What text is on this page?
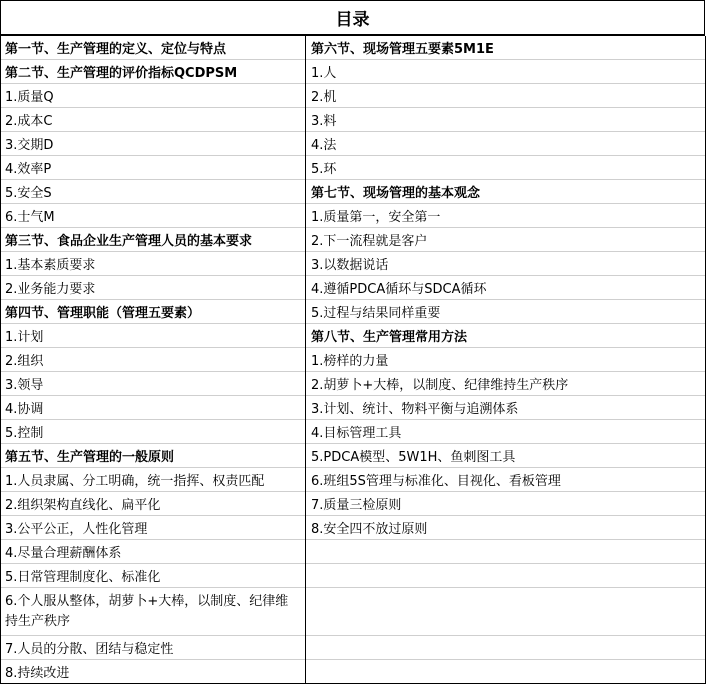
目录
第一节、生产管理的定义、定位与特点
第二节、生产管理的评价指标QCDPSM
1.质量Q
2.成本C
3.交期D
4.效率P
5.安全S
6.士气M
第三节、食品企业生产管理人员的基本要求
1.基本素质要求
2.业务能力要求
第四节、管理职能（管理五要素）
1.计划
2.组织
3.领导
4.协调
5.控制
第五节、生产管理的一般原则
1.人员隶属、分工明确，统一指挥、权责匹配
2.组织架构直线化、扁平化
3.公平公正，人性化管理
4.尽量合理薪酬体系
5.日常管理制度化、标准化
6.个人服从整体，胡萝卜+大棒，以制度、纪律维持生产秩序
7.人员的分散、团结与稳定性
8.持续改进
第六节、现场管理五要素5M1E
1.人
2.机
3.料
4.法
5.环
第七节、现场管理的基本观念
1.质量第一，安全第一
2.下一流程就是客户
3.以数据说话
4.遵循PDCA循环与SDCA循环
5.过程与结果同样重要
第八节、生产管理常用方法
1.榜样的力量
2.胡萝卜+大棒，以制度、纪律维持生产秩序
3.计划、统计、物料平衡与追溯体系
4.目标管理工具
5.PDCA模型、5W1H、鱼刺图工具
6.班组5S管理与标准化、目视化、看板管理
7.质量三检原则
8.安全四不放过原则
